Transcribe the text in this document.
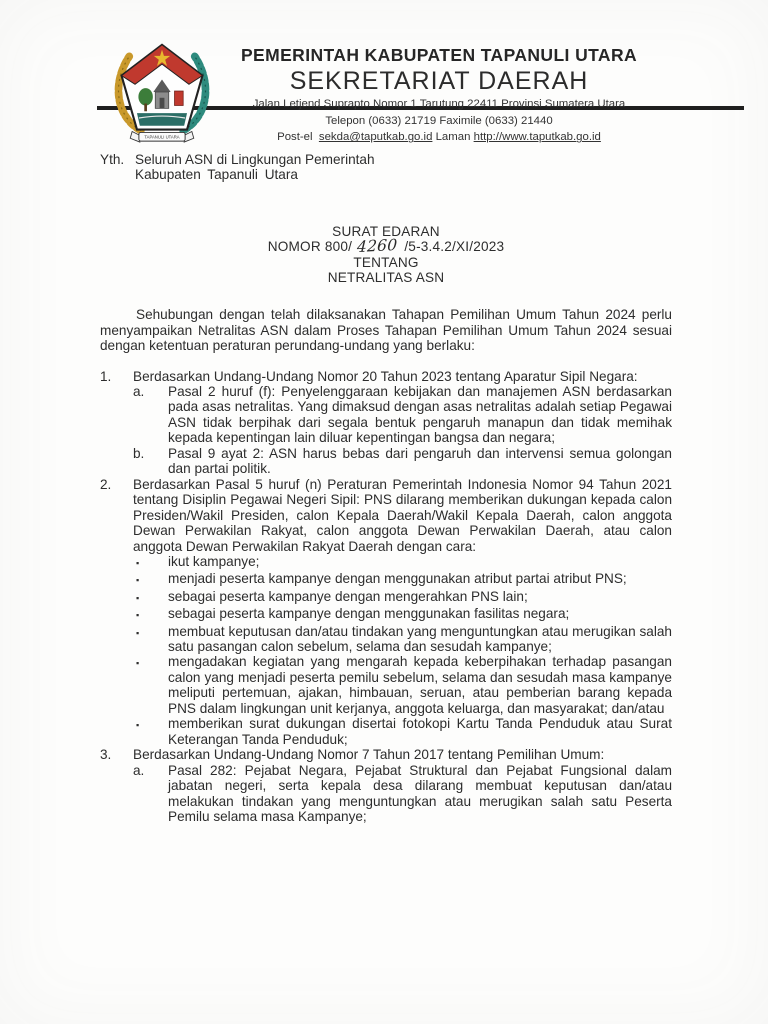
TAPANULI UTARA
PEMERINTAH KABUPATEN TAPANULI UTARA
SEKRETARIAT DAERAH
Jalan Letjend Suprapto Nomor 1 Tarutung 22411 Provinsi Sumatera Utara
Telepon (0633) 21719 Faximile (0633) 21440
Post-el sekda@taputkab.go.id Laman http://www.taputkab.go.id
Yth. Seluruh ASN di Lingkungan Pemerintah
Kabupaten Tapanuli Utara
SURAT EDARAN
NOMOR 800/ 4260 /5-3.4.2/XI/2023
TENTANG
NETRALITAS ASN

Sehubungan dengan telah dilaksanakan Tahapan Pemilihan Umum Tahun 2024 perlu menyampaikan Netralitas ASN dalam Proses Tahapan Pemilihan Umum Tahun 2024 sesuai dengan ketentuan peraturan perundang-undang yang berlaku:

1.	Berdasarkan Undang-Undang Nomor 20 Tahun 2023 tentang Aparatur Sipil Negara:
a.	Pasal 2 huruf (f): Penyelenggaraan kebijakan dan manajemen ASN berdasarkan pada asas netralitas. Yang dimaksud dengan asas netralitas adalah setiap Pegawai ASN tidak berpihak dari segala bentuk pengaruh manapun dan tidak memihak kepada kepentingan lain diluar kepentingan bangsa dan negara;
b.	Pasal 9 ayat 2: ASN harus bebas dari pengaruh dan intervensi semua golongan dan partai politik.
2.	Berdasarkan Pasal 5 huruf (n) Peraturan Pemerintah Indonesia Nomor 94 Tahun 2021 tentang Disiplin Pegawai Negeri Sipil: PNS dilarang memberikan dukungan kepada calon Presiden/Wakil Presiden, calon Kepala Daerah/Wakil Kepala Daerah, calon anggota Dewan Perwakilan Rakyat, calon anggota Dewan Perwakilan Daerah, atau calon anggota Dewan Perwakilan Rakyat Daerah dengan cara:
▪	ikut kampanye;
▪	menjadi peserta kampanye dengan menggunakan atribut partai atribut PNS;
▪	sebagai peserta kampanye dengan mengerahkan PNS lain;
▪	sebagai peserta kampanye dengan menggunakan fasilitas negara;
▪	membuat keputusan dan/atau tindakan yang menguntungkan atau merugikan salah satu pasangan calon sebelum, selama dan sesudah kampanye;
▪	mengadakan kegiatan yang mengarah kepada keberpihakan terhadap pasangan calon yang menjadi peserta pemilu sebelum, selama dan sesudah masa kampanye meliputi pertemuan, ajakan, himbauan, seruan, atau pemberian barang kepada PNS dalam lingkungan unit kerjanya, anggota keluarga, dan masyarakat; dan/atau
▪	memberikan surat dukungan disertai fotokopi Kartu Tanda Penduduk atau Surat Keterangan Tanda Penduduk;
3.	Berdasarkan Undang-Undang Nomor 7 Tahun 2017 tentang Pemilihan Umum:
a.	Pasal 282: Pejabat Negara, Pejabat Struktural dan Pejabat Fungsional dalam jabatan negeri, serta kepala desa dilarang membuat keputusan dan/atau melakukan tindakan yang menguntungkan atau merugikan salah satu Peserta Pemilu selama masa Kampanye;
